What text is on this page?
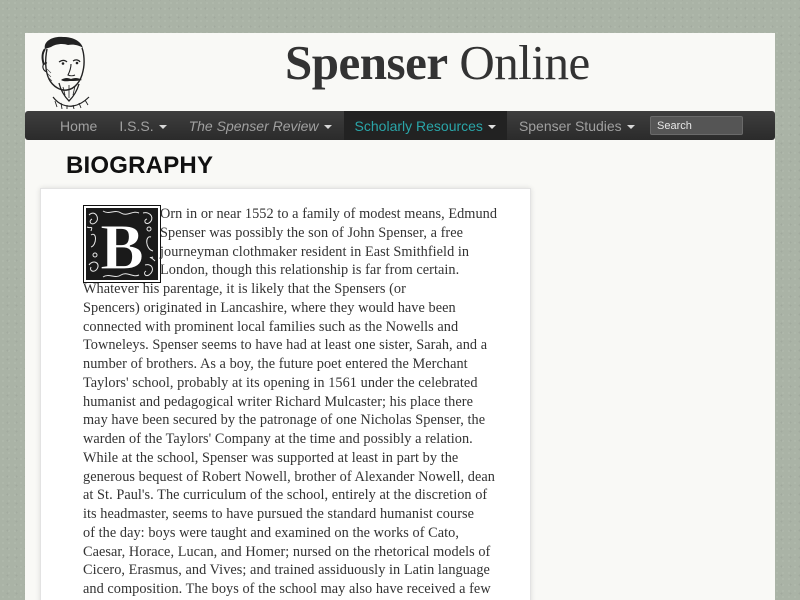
Spenser Online
Home I.S.S.	The Spenser Review	Scholarly Resources	Spenser Studies
Search
BIOGRAPHY
B	Orn in or near 1552 to a family of modest means, Edmund
Spenser was possibly the son of John Spenser, a free
journeyman clothmaker resident in East Smithfield in
London, though this relationship is far from certain.
Whatever his parentage, it is likely that the Spensers (or
Spencers) originated in Lancashire, where they would have been
connected with prominent local families such as the Nowells and
Towneleys. Spenser seems to have had at least one sister, Sarah, and a
number of brothers. As a boy, the future poet entered the Merchant
Taylors' school, probably at its opening in 1561 under the celebrated
humanist and pedagogical writer Richard Mulcaster; his place there
may have been secured by the patronage of one Nicholas Spenser, the
warden of the Taylors' Company at the time and possibly a relation.
While at the school, Spenser was supported at least in part by the
generous bequest of Robert Nowell, brother of Alexander Nowell, dean
at St. Paul's. The curriculum of the school, entirely at the discretion of
its headmaster, seems to have pursued the standard humanist course
of the day: boys were taught and examined on the works of Cato,
Caesar, Horace, Lucan, and Homer; nursed on the rhetorical models of
Cicero, Erasmus, and Vives; and trained assiduously in Latin language
and composition. The boys of the school may also have received a few
